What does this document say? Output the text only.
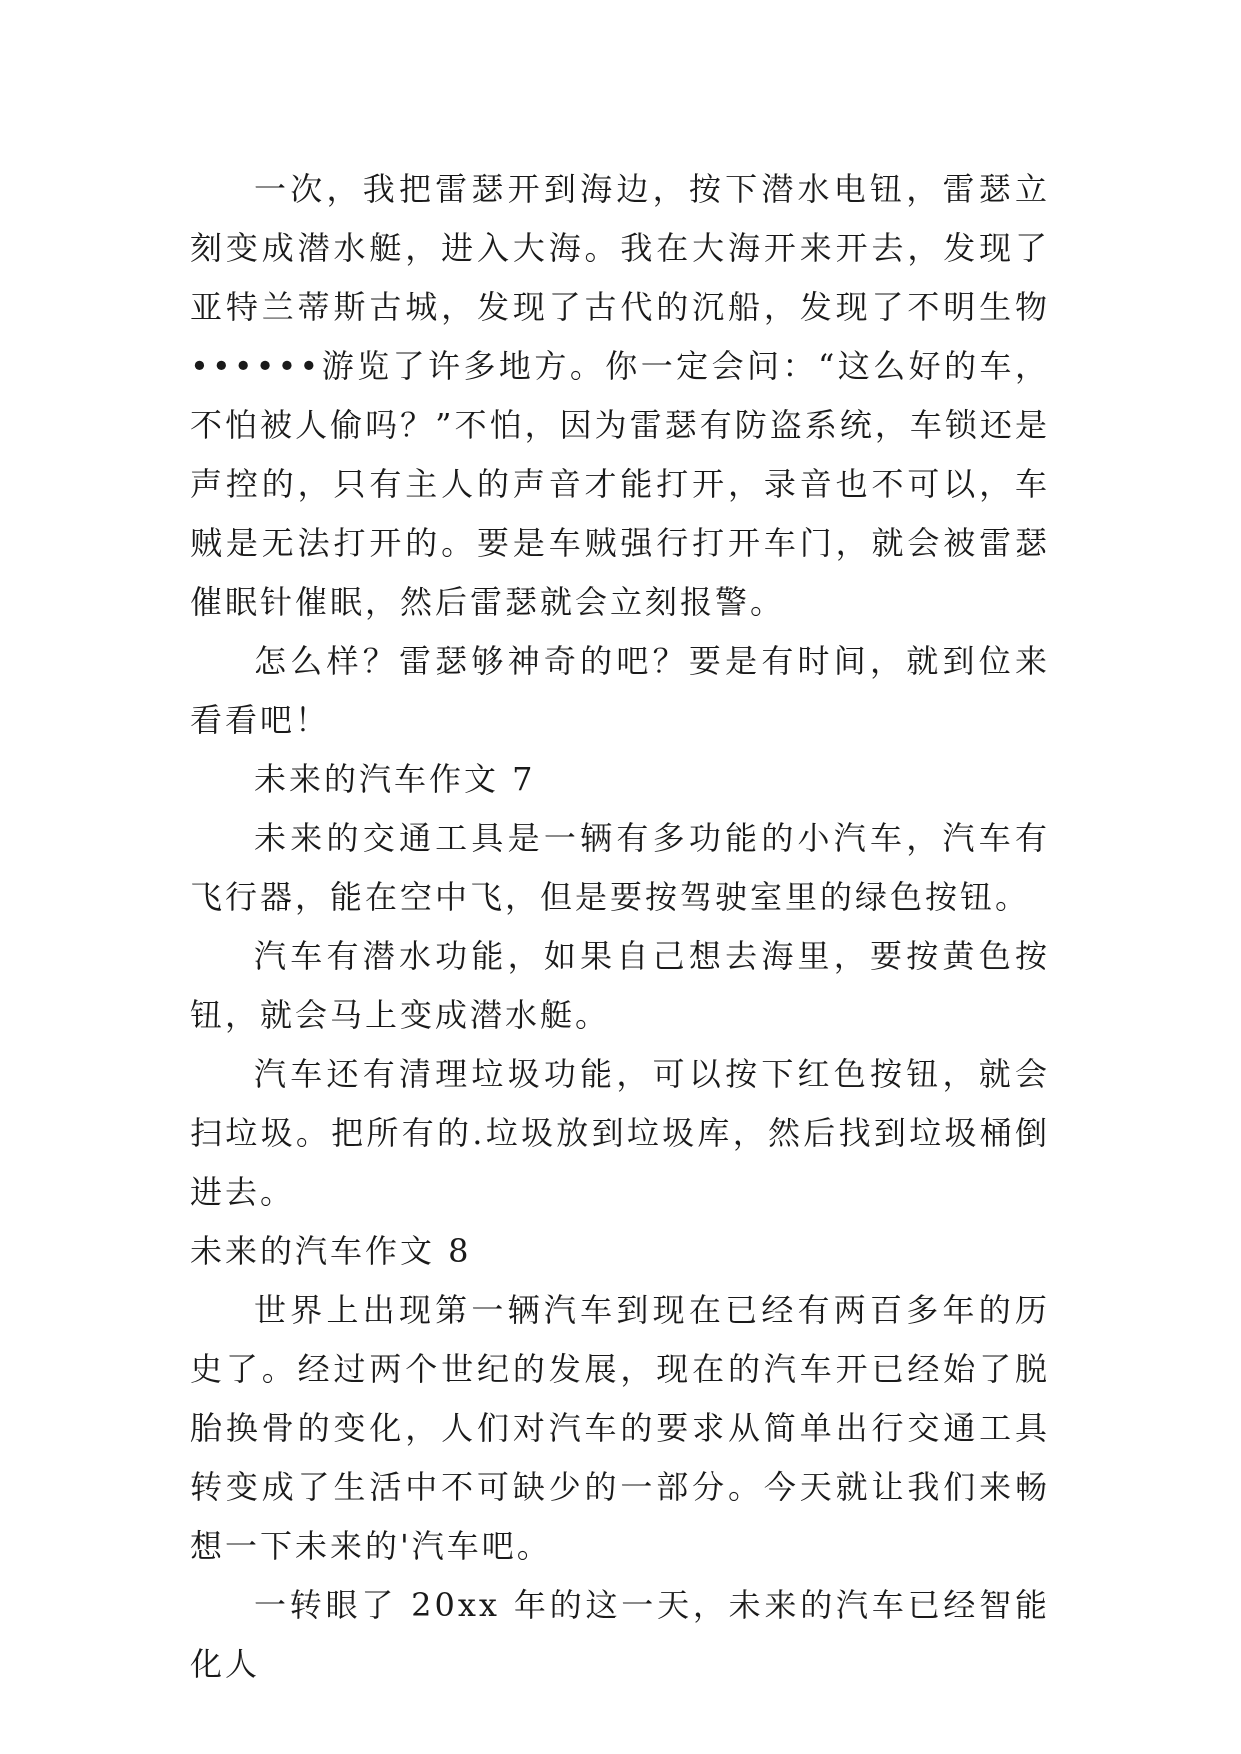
一次，我把雷瑟开到海边，按下潜水电钮，雷瑟立刻变成潜水艇，进入大海。我在大海开来开去，发现了亚特兰蒂斯古城，发现了古代的沉船，发现了不明生物••••••游览了许多地方。你一定会问：“这么好的车，不怕被人偷吗？”不怕，因为雷瑟有防盗系统，车锁还是声控的，只有主人的声音才能打开，录音也不可以，车贼是无法打开的。要是车贼强行打开车门，就会被雷瑟催眠针催眠，然后雷瑟就会立刻报警。

怎么样？雷瑟够神奇的吧？要是有时间，就到位来看看吧！

未来的汽车作文 7

未来的交通工具是一辆有多功能的小汽车，汽车有飞行器，能在空中飞，但是要按驾驶室里的绿色按钮。

汽车有潜水功能，如果自己想去海里，要按黄色按钮，就会马上变成潜水艇。

汽车还有清理垃圾功能，可以按下红色按钮，就会扫垃圾。把所有的.垃圾放到垃圾库，然后找到垃圾桶倒进去。

未来的汽车作文 8

世界上出现第一辆汽车到现在已经有两百多年的历史了。经过两个世纪的发展，现在的汽车开已经始了脱胎换骨的变化，人们对汽车的要求从简单出行交通工具转变成了生活中不可缺少的一部分。今天就让我们来畅想一下未来的'汽车吧。

一转眼了 20xx 年的这一天，未来的汽车已经智能化人
